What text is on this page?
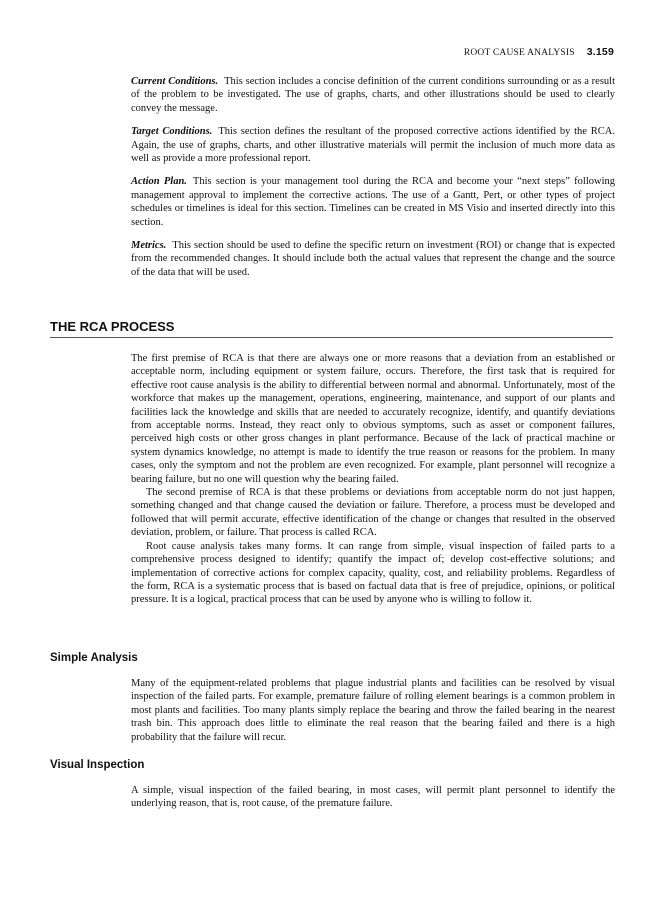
ROOT CAUSE ANALYSIS 3.159

Current Conditions. This section includes a concise definition of the current conditions surrounding or as a result of the problem to be investigated. The use of graphs, charts, and other illustrations should be used to clearly convey the message.

Target Conditions. This section defines the resultant of the proposed corrective actions identified by the RCA. Again, the use of graphs, charts, and other illustrative materials will permit the inclusion of much more data as well as provide a more professional report.

Action Plan. This section is your management tool during the RCA and become your “next steps” following management approval to implement the corrective actions. The use of a Gantt, Pert, or other types of project schedules or timelines is ideal for this section. Timelines can be created in MS Visio and inserted directly into this section.

Metrics. This section should be used to define the specific return on investment (ROI) or change that is expected from the recommended changes. It should include both the actual values that represent the change and the source of the data that will be used.

THE RCA PROCESS

The first premise of RCA is that there are always one or more reasons that a deviation from an established or acceptable norm, including equipment or system failure, occurs. Therefore, the first task that is required for effective root cause analysis is the ability to differential between normal and abnormal. Unfortunately, most of the workforce that makes up the management, operations, engineering, maintenance, and support of our plants and facilities lack the knowledge and skills that are needed to accurately recognize, identify, and quantify deviations from acceptable norms. Instead, they react only to obvious symptoms, such as asset or component failures, perceived high costs or other gross changes in plant performance. Because of the lack of practical machine or system dynamics knowledge, no attempt is made to identify the true reason or reasons for the problem. In many cases, only the symptom and not the problem are even recognized. For example, plant personnel will recognize a bearing failure, but no one will question why the bearing failed.

The second premise of RCA is that these problems or deviations from acceptable norm do not just happen, something changed and that change caused the deviation or failure. Therefore, a process must be developed and followed that will permit accurate, effective identification of the change or changes that resulted in the observed deviation, problem, or failure. That process is called RCA.

Root cause analysis takes many forms. It can range from simple, visual inspection of failed parts to a comprehensive process designed to identify; quantify the impact of; develop cost-effective solutions; and implementation of corrective actions for complex capacity, quality, cost, and reliability problems. Regardless of the form, RCA is a systematic process that is based on factual data that is free of prejudice, opinions, or political pressure. It is a logical, practical process that can be used by anyone who is willing to follow it.

Simple Analysis

Many of the equipment-related problems that plague industrial plants and facilities can be resolved by visual inspection of the failed parts. For example, premature failure of rolling element bearings is a common problem in most plants and facilities. Too many plants simply replace the bearing and throw the failed bearing in the nearest trash bin. This approach does little to eliminate the real reason that the bearing failed and there is a high probability that the failure will recur.

Visual Inspection

A simple, visual inspection of the failed bearing, in most cases, will permit plant personnel to identify the underlying reason, that is, root cause, of the premature failure.
